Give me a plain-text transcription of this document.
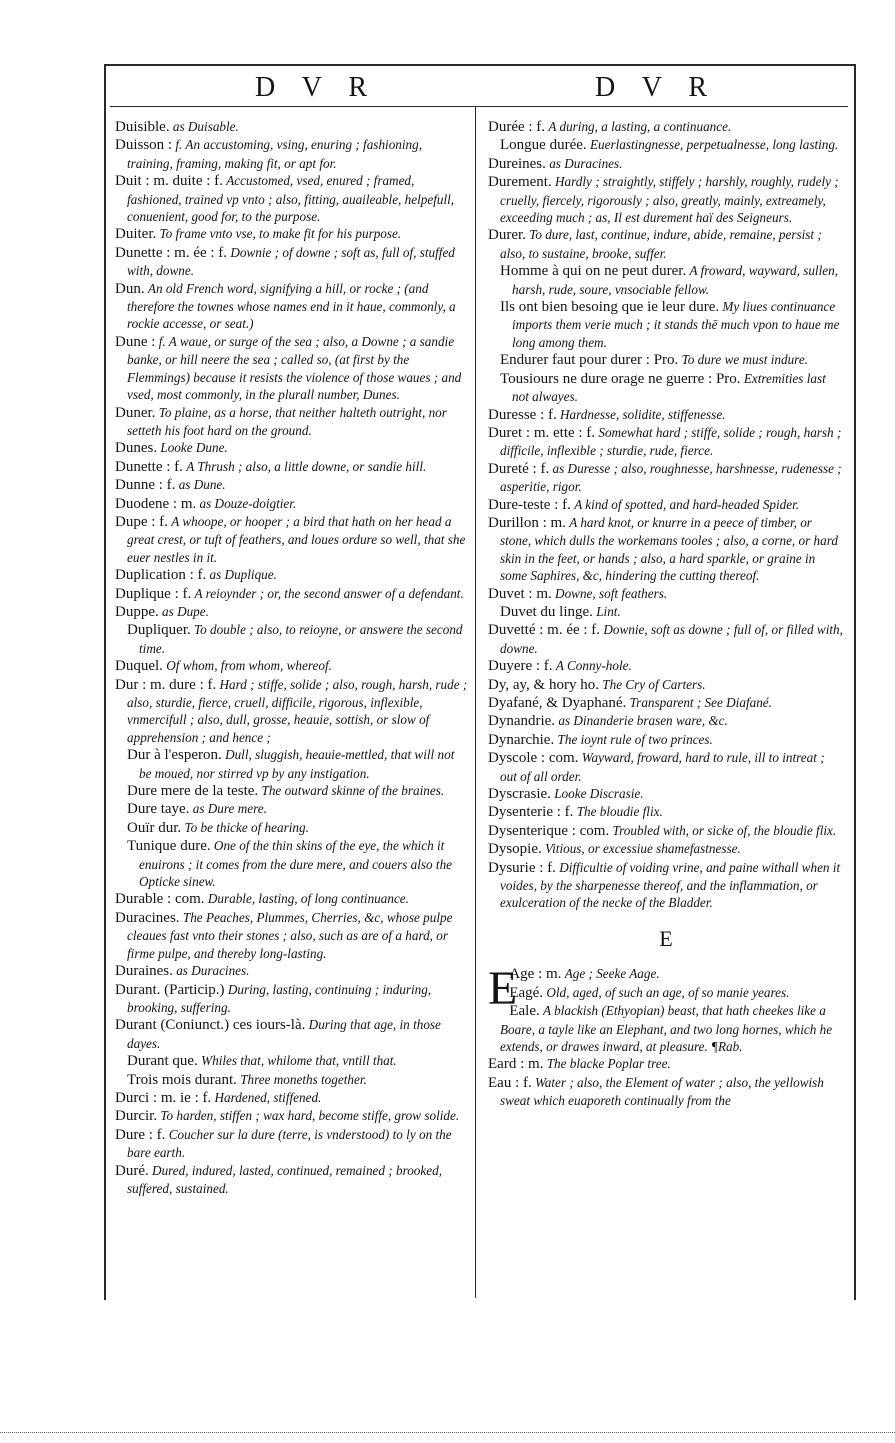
D V R	D V R

Duisible. as Duisable.

Duisson : f. An accustoming, vsing, enuring ; fashioning, training, framing, making fit, or apt for.

Duit : m. duite : f. Accustomed, vsed, enured ; framed, fashioned, trained vp vnto ; also, fitting, auaileable, helpefull, conuenient, good for, to the purpose.

Duiter. To frame vnto vse, to make fit for his purpose.

Dunette : m. ée : f. Downie ; of downe ; soft as, full of, stuffed with, downe.

Dun. An old French word, signifying a hill, or rocke ; (and therefore the townes whose names end in it haue, commonly, a rockie accesse, or seat.)

Dune : f. A waue, or surge of the sea ; also, a Downe ; a sandie banke, or hill neere the sea ; called so, (at first by the Flemmings) because it resists the violence of those waues ; and vsed, most commonly, in the plurall number, Dunes.

Duner. To plaine, as a horse, that neither halteth outright, nor setteth his foot hard on the ground.

Dunes. Looke Dune.

Dunette : f. A Thrush ; also, a little downe, or sandie hill.

Dunne : f. as Dune.

Duodene : m. as Douze-doigtier.

Dupe : f. A whoope, or hooper ; a bird that hath on her head a great crest, or tuft of feathers, and loues ordure so well, that she euer nestles in it.

Duplication : f. as Duplique.

Duplique : f. A reioynder ; or, the second answer of a defendant.

Duppe. as Dupe.

Dupliquer. To double ; also, to reioyne, or answere the second time.

Duquel. Of whom, from whom, whereof.

Dur : m. dure : f. Hard ; stiffe, solide ; also, rough, harsh, rude ; also, sturdie, fierce, cruell, difficile, rigorous, inflexible, vnmercifull ; also, dull, grosse, heauie, sottish, or slow of apprehension ; and hence ;

Dur à l'esperon. Dull, sluggish, heauie-mettled, that will not be moued, nor stirred vp by any instigation.

Dure mere de la teste. The outward skinne of the braines.

Dure taye. as Dure mere.

Ouïr dur. To be thicke of hearing.

Tunique dure. One of the thin skins of the eye, the which it enuirons ; it comes from the dure mere, and couers also the Opticke sinew.

Durable : com. Durable, lasting, of long continuance.

Duracines. The Peaches, Plummes, Cherries, &c, whose pulpe cleaues fast vnto their stones ; also, such as are of a hard, or firme pulpe, and thereby long-lasting.

Duraines. as Duracines.

Durant. (Particip.) During, lasting, continuing ; induring, brooking, suffering.

Durant (Coniunct.) ces iours-là. During that age, in those dayes.

Durant que. Whiles that, whilome that, vntill that.

Trois mois durant. Three moneths together.

Durci : m. ie : f. Hardened, stiffened.

Durcir. To harden, stiffen ; wax hard, become stiffe, grow solide.

Dure : f. Coucher sur la dure (terre, is vnderstood) to ly on the bare earth.

Duré. Dured, indured, lasted, continued, remained ; brooked, suffered, sustained.

Durée : f. A during, a lasting, a continuance.

Longue durée. Euerlastingnesse, perpetualnesse, long lasting.

Dureines. as Duracines.

Durement. Hardly ; straightly, stiffely ; harshly, roughly, rudely ; cruelly, fiercely, rigorously ; also, greatly, mainly, extreamely, exceeding much ; as, Il est durement haï des Seigneurs.

Durer. To dure, last, continue, indure, abide, remaine, persist ; also, to sustaine, brooke, suffer.

Homme à qui on ne peut durer. A froward, wayward, sullen, harsh, rude, soure, vnsociable fellow.

Ils ont bien besoing que ie leur dure. My liues continuance imports them verie much ; it stands thē much vpon to haue me long among them.

Endurer faut pour durer : Pro. To dure we must indure.

Tousiours ne dure orage ne guerre : Pro. Extremities last not alwayes.

Duresse : f. Hardnesse, solidite, stiffenesse.

Duret : m. ette : f. Somewhat hard ; stiffe, solide ; rough, harsh ; difficile, inflexible ; sturdie, rude, fierce.

Dureté : f. as Duresse ; also, roughnesse, harshnesse, rudenesse ; asperitie, rigor.

Dure-teste : f. A kind of spotted, and hard-headed Spider.

Durillon : m. A hard knot, or knurre in a peece of timber, or stone, which dulls the workemans tooles ; also, a corne, or hard skin in the feet, or hands ; also, a hard sparkle, or graine in some Saphires, &c, hindering the cutting thereof.

Duvet : m. Downe, soft feathers.

Duvet du linge. Lint.

Duvetté : m. ée : f. Downie, soft as downe ; full of, or filled with, downe.

Duyere : f. A Conny-hole.

Dy, ay, & hory ho. The Cry of Carters.

Dyafané, & Dyaphané. Transparent ; See Diafané.

Dynandrie. as Dinanderie brasen ware, &c.

Dynarchie. The ioynt rule of two princes.

Dyscole : com. Wayward, froward, hard to rule, ill to intreat ; out of all order.

Dyscrasie. Looke Discrasie.

Dysenterie : f. The bloudie flix.

Dysenterique : com. Troubled with, or sicke of, the bloudie flix.

Dysopie. Vitious, or excessiue shamefastnesse.

Dysurie : f. Difficultie of voiding vrine, and paine withall when it voides, by the sharpenesse thereof, and the inflammation, or exulceration of the necke of the Bladder.

E

E
Age : m. Age ; Seeke Aage.

Eagé. Old, aged, of such an age, of so manie yeares.

Eale. A blackish (Ethyopian) beast, that hath cheekes like a Boare, a tayle like an Elephant, and two long hornes, which he extends, or drawes inward, at pleasure. ¶Rab.

Eard : m. The blacke Poplar tree.

Eau : f. Water ; also, the Element of water ; also, the yellowish sweat which euaporeth continually from the
